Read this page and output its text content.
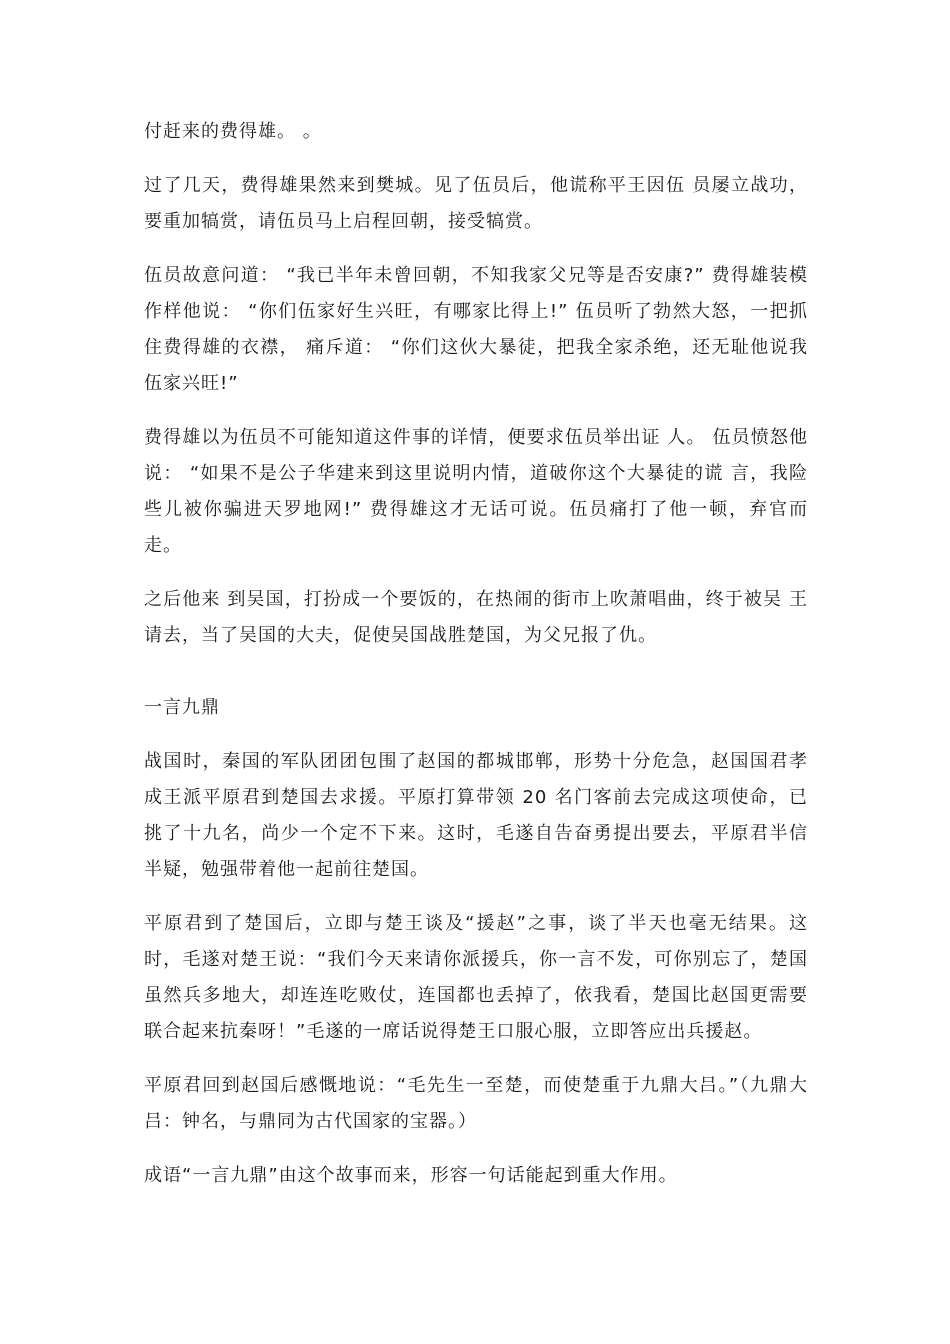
付赶来的费得雄。 。

过了几天，费得雄果然来到樊城。见了伍员后，他谎称平王因伍 员屡立战功，要重加犒赏，请伍员马上启程回朝，接受犒赏。

伍员故意问道： “我已半年未曾回朝，不知我家父兄等是否安康?” 费得雄装模作样他说： “你们伍家好生兴旺，有哪家比得上!” 伍员听了勃然大怒，一把抓住费得雄的衣襟， 痛斥道： “你们这伙大暴徒，把我全家杀绝，还无耻他说我伍家兴旺!”

费得雄以为伍员不可能知道这件事的详情，便要求伍员举出证 人。 伍员愤怒他说： “如果不是公子华建来到这里说明内情，道破你这个大暴徒的谎 言，我险些儿被你骗进天罗地网!” 费得雄这才无话可说。伍员痛打了他一顿，弃官而走。

之后他来 到吴国，打扮成一个要饭的，在热闹的街市上吹萧唱曲，终于被吴 王请去，当了吴国的大夫，促使吴国战胜楚国，为父兄报了仇。

一言九鼎

战国时，秦国的军队团团包围了赵国的都城邯郸，形势十分危急，赵国国君孝成王派平原君到楚国去求援。平原打算带领 20 名门客前去完成这项使命，已挑了十九名，尚少一个定不下来。这时，毛遂自告奋勇提出要去，平原君半信半疑，勉强带着他一起前往楚国。

平原君到了楚国后，立即与楚王谈及“援赵”之事，谈了半天也毫无结果。这时，毛遂对楚王说：“我们今天来请你派援兵，你一言不发，可你别忘了，楚国虽然兵多地大，却连连吃败仗，连国都也丢掉了，依我看，楚国比赵国更需要联合起来抗秦呀！”毛遂的一席话说得楚王口服心服，立即答应出兵援赵。

平原君回到赵国后感慨地说：“毛先生一至楚，而使楚重于九鼎大吕。”（九鼎大吕：钟名，与鼎同为古代国家的宝器。）

成语“一言九鼎”由这个故事而来，形容一句话能起到重大作用。
